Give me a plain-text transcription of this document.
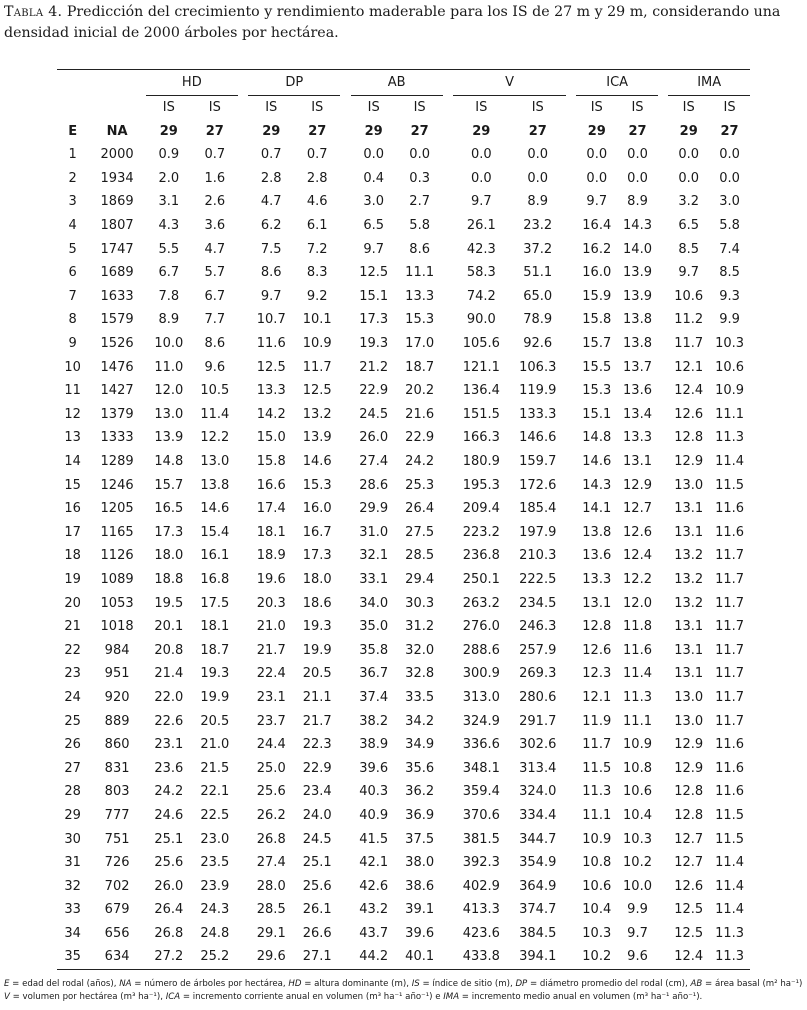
Tabla 4. Predicción del crecimiento y rendimiento maderable para los IS de 27 m y 29 m, considerando una densidad inicial de 2000 árboles por hectárea.
		HD			DP			AB			V			ICA			IMA	
		IS	IS		IS	IS		IS	IS		IS	IS		IS	IS		IS	IS
E	NA	29	27		29	27		29	27		29	27		29	27		29	27
1	2000	0.9	0.7		0.7	0.7		0.0	0.0		0.0	0.0		0.0	0.0		0.0	0.0
2	1934	2.0	1.6		2.8	2.8		0.4	0.3		0.0	0.0		0.0	0.0		0.0	0.0
3	1869	3.1	2.6		4.7	4.6		3.0	2.7		9.7	8.9		9.7	8.9		3.2	3.0
4	1807	4.3	3.6		6.2	6.1		6.5	5.8		26.1	23.2		16.4	14.3		6.5	5.8
5	1747	5.5	4.7		7.5	7.2		9.7	8.6		42.3	37.2		16.2	14.0		8.5	7.4
6	1689	6.7	5.7		8.6	8.3		12.5	11.1		58.3	51.1		16.0	13.9		9.7	8.5
7	1633	7.8	6.7		9.7	9.2		15.1	13.3		74.2	65.0		15.9	13.9		10.6	9.3
8	1579	8.9	7.7		10.7	10.1		17.3	15.3		90.0	78.9		15.8	13.8		11.2	9.9
9	1526	10.0	8.6		11.6	10.9		19.3	17.0		105.6	92.6		15.7	13.8		11.7	10.3
10	1476	11.0	9.6		12.5	11.7		21.2	18.7		121.1	106.3		15.5	13.7		12.1	10.6
11	1427	12.0	10.5		13.3	12.5		22.9	20.2		136.4	119.9		15.3	13.6		12.4	10.9
12	1379	13.0	11.4		14.2	13.2		24.5	21.6		151.5	133.3		15.1	13.4		12.6	11.1
13	1333	13.9	12.2		15.0	13.9		26.0	22.9		166.3	146.6		14.8	13.3		12.8	11.3
14	1289	14.8	13.0		15.8	14.6		27.4	24.2		180.9	159.7		14.6	13.1		12.9	11.4
15	1246	15.7	13.8		16.6	15.3		28.6	25.3		195.3	172.6		14.3	12.9		13.0	11.5
16	1205	16.5	14.6		17.4	16.0		29.9	26.4		209.4	185.4		14.1	12.7		13.1	11.6
17	1165	17.3	15.4		18.1	16.7		31.0	27.5		223.2	197.9		13.8	12.6		13.1	11.6
18	1126	18.0	16.1		18.9	17.3		32.1	28.5		236.8	210.3		13.6	12.4		13.2	11.7
19	1089	18.8	16.8		19.6	18.0		33.1	29.4		250.1	222.5		13.3	12.2		13.2	11.7
20	1053	19.5	17.5		20.3	18.6		34.0	30.3		263.2	234.5		13.1	12.0		13.2	11.7
21	1018	20.1	18.1		21.0	19.3		35.0	31.2		276.0	246.3		12.8	11.8		13.1	11.7
22	984	20.8	18.7		21.7	19.9		35.8	32.0		288.6	257.9		12.6	11.6		13.1	11.7
23	951	21.4	19.3		22.4	20.5		36.7	32.8		300.9	269.3		12.3	11.4		13.1	11.7
24	920	22.0	19.9		23.1	21.1		37.4	33.5		313.0	280.6		12.1	11.3		13.0	11.7
25	889	22.6	20.5		23.7	21.7		38.2	34.2		324.9	291.7		11.9	11.1		13.0	11.7
26	860	23.1	21.0		24.4	22.3		38.9	34.9		336.6	302.6		11.7	10.9		12.9	11.6
27	831	23.6	21.5		25.0	22.9		39.6	35.6		348.1	313.4		11.5	10.8		12.9	11.6
28	803	24.2	22.1		25.6	23.4		40.3	36.2		359.4	324.0		11.3	10.6		12.8	11.6
29	777	24.6	22.5		26.2	24.0		40.9	36.9		370.6	334.4		11.1	10.4		12.8	11.5
30	751	25.1	23.0		26.8	24.5		41.5	37.5		381.5	344.7		10.9	10.3		12.7	11.5
31	726	25.6	23.5		27.4	25.1		42.1	38.0		392.3	354.9		10.8	10.2		12.7	11.4
32	702	26.0	23.9		28.0	25.6		42.6	38.6		402.9	364.9		10.6	10.0		12.6	11.4
33	679	26.4	24.3		28.5	26.1		43.2	39.1		413.3	374.7		10.4	9.9		12.5	11.4
34	656	26.8	24.8		29.1	26.6		43.7	39.6		423.6	384.5		10.3	9.7		12.5	11.3
35	634	27.2	25.2		29.6	27.1		44.2	40.1		433.8	394.1		10.2	9.6		12.4	11.3
E = edad del rodal (años), NA = número de árboles por hectárea, HD = altura dominante (m), IS = índice de sitio (m), DP = diámetro promedio del rodal (cm), AB = área basal (m² ha⁻¹) V = volumen por hectárea (m³ ha⁻¹), ICA = incremento corriente anual en volumen (m³ ha⁻¹ año⁻¹) e IMA = incremento medio anual en volumen (m³ ha⁻¹ año⁻¹).
